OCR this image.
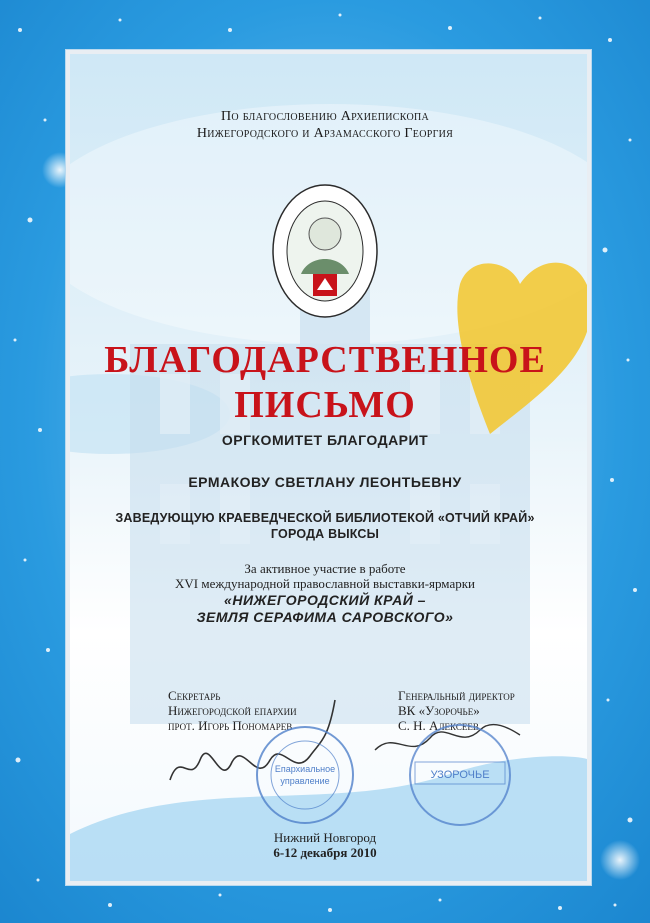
По благословению Архиепископа
Нижегородского и Арзамасского Георгия
БЛАГОДАРСТВЕННОЕ
ПИСЬМО
ОРГКОМИТЕТ БЛАГОДАРИТ
ЕРМАКОВУ СВЕТЛАНУ ЛЕОНТЬЕВНУ
ЗАВЕДУЮЩУЮ КРАЕВЕДЧЕСКОЙ БИБЛИОТЕКОЙ «ОТЧИЙ КРАЙ»
ГОРОДА ВЫКСЫ
За активное участие в работе
XVI международной православной выставки-ярмарки
«НИЖЕГОРОДСКИЙ КРАЙ –
ЗЕМЛЯ СЕРАФИМА САРОВСКОГО»
Секретарь
Нижегородской епархии
прот. Игорь Пономарев
Генеральный директор
ВК «Узорочье»
С. Н. Алексеев
Епархиальное
управление	УЗОРОЧЬЕ
Нижний Новгород
6-12 декабря 2010
